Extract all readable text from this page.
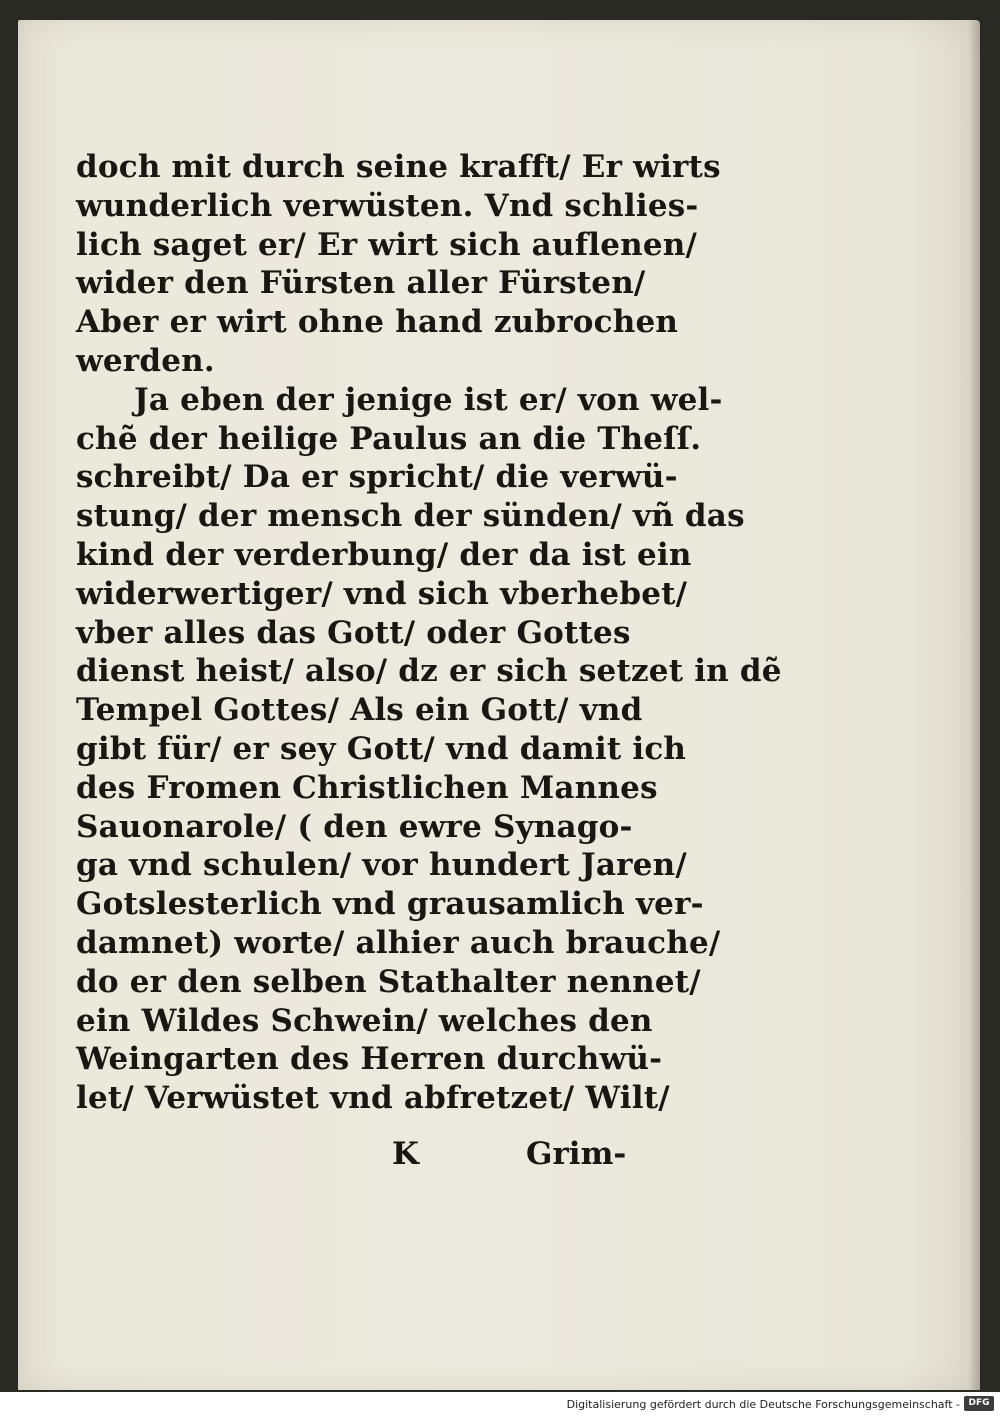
doch mit durch seine krafft/ Er wirts
wunderlich verwüsten. Vnd schlies-
lich saget er/ Er wirt sich auflenen/
wider den Fürsten aller Fürsten/
Aber er wirt ohne hand zubrochen
werden.
Ja eben der jenige ist er/ von wel-
chẽ der heilige Paulus an die Theſſ.
schreibt/ Da er spricht/ die verwü-
stung/ der mensch der sünden/ vñ das
kind der verderbung/ der da ist ein
widerwertiger/ vnd sich vberhebet/
vber alles das Gott/ oder Gottes
dienst heist/ also/ dz er sich setzet in dẽ
Tempel Gottes/ Als ein Gott/ vnd
gibt für/ er sey Gott/ vnd damit ich
des Fromen Christlichen Mannes
Sauonarole/ ( den ewre Synago-
ga vnd schulen/ vor hundert Jaren/
Gotslesterlich vnd grausamlich ver-
damnet) worte/ alhier auch brauche/
do er den selben Stathalter nennet/
ein Wildes Schwein/ welches den
Weingarten des Herren durchwü-
let/ Verwüstet vnd abfretzet/ Wilt/
K	Grim-
Digitalisierung gefördert durch die Deutsche Forschungsgemeinschaft - DFG
